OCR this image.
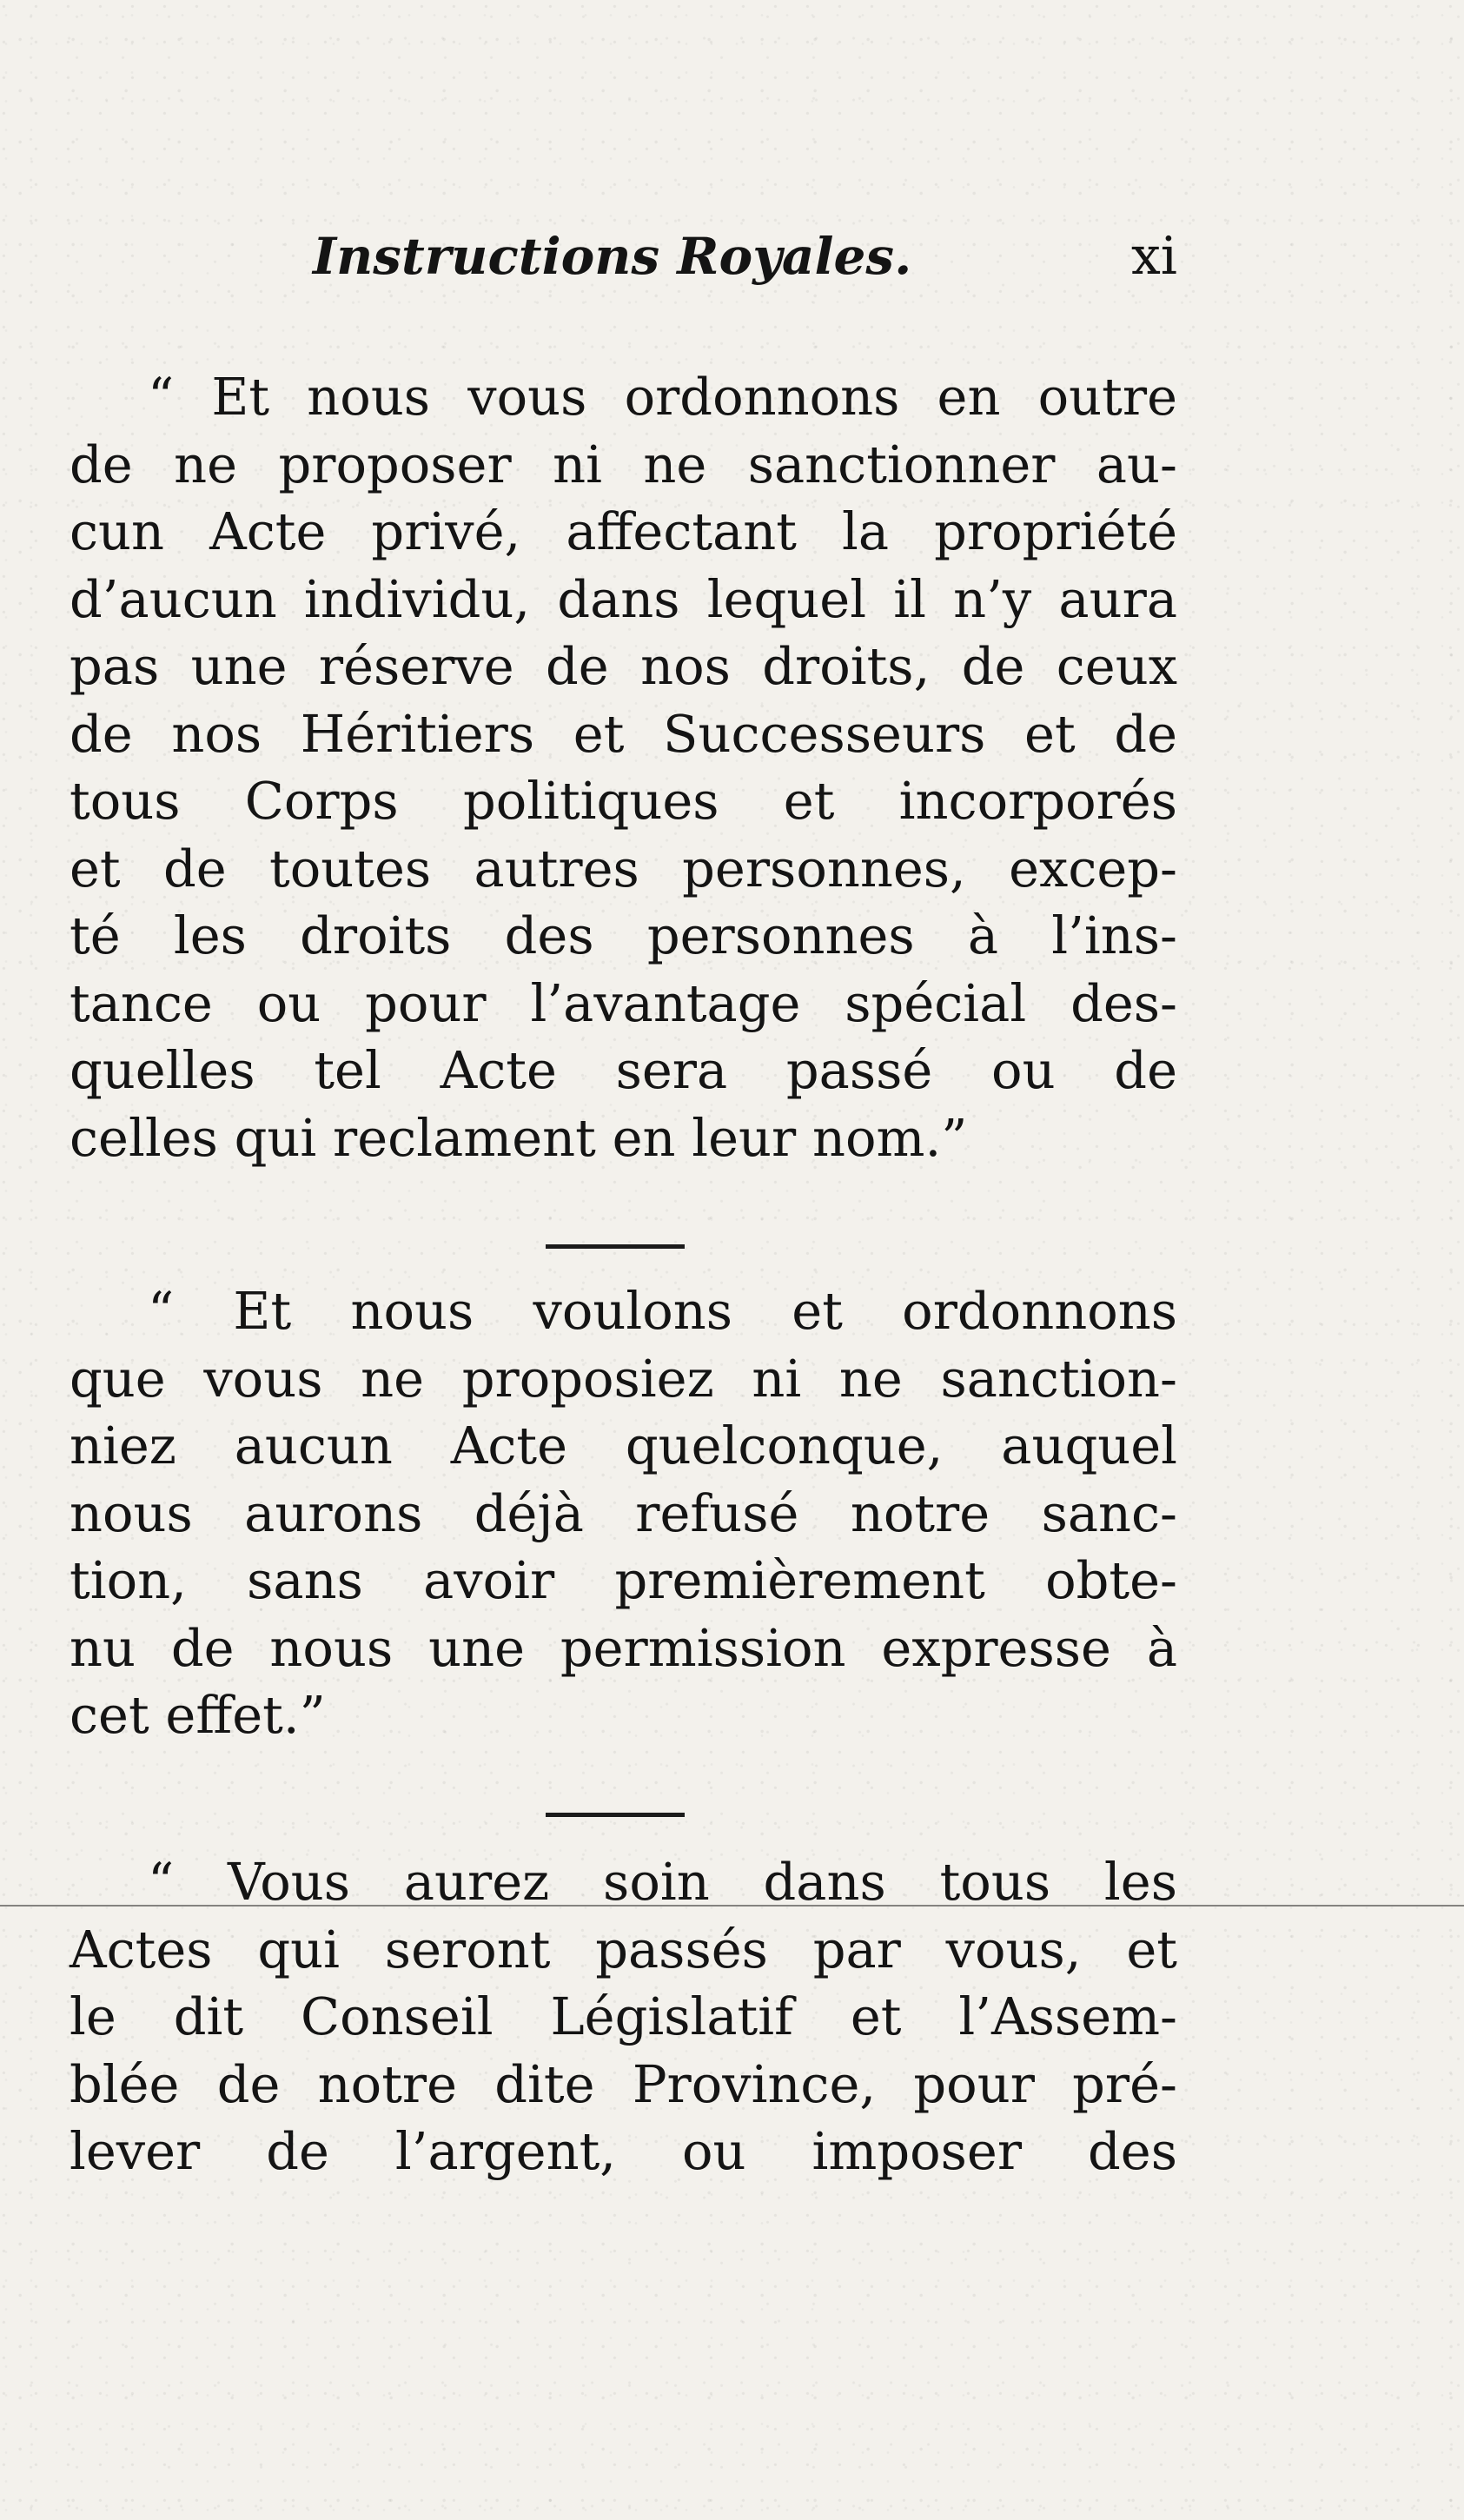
Instructions Royales.	xi
“ Et nous vous ordonnons en outre
de ne proposer ni ne sanctionner au-
cun Acte privé, affectant la propriété
d’aucun individu, dans lequel il n’y aura
pas une réserve de nos droits, de ceux
de nos Héritiers et Successeurs et de
tous Corps politiques et incorporés
et de toutes autres personnes, excep-
té les droits des personnes à l’ins-
tance ou pour l’avantage spécial des-
quelles tel Acte sera passé ou de
celles qui reclament en leur nom.”
“ Et nous voulons et ordonnons
que vous ne proposiez ni ne sanction-
niez aucun Acte quelconque, auquel
nous aurons déjà refusé notre sanc-
tion, sans avoir premièrement obte-
nu de nous une permission expresse à
cet effet.”
“ Vous aurez soin dans tous les
Actes qui seront passés par vous, et
le dit Conseil Législatif et l’Assem-
blée de notre dite Province, pour pré-
lever de l’argent, ou imposer des
